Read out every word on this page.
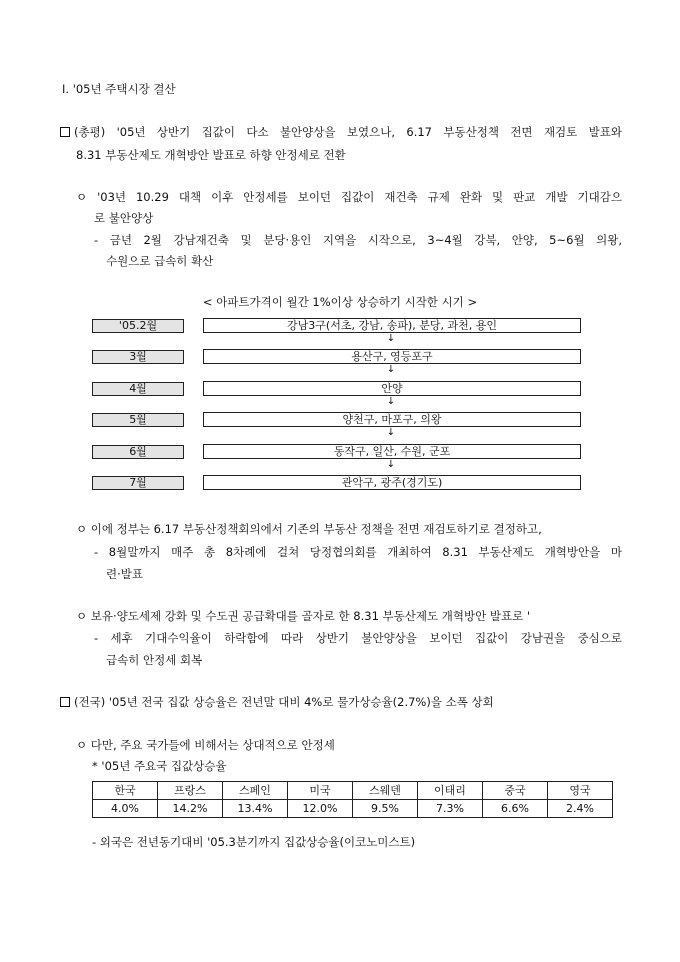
Ⅰ. '05년 주택시장 결산
(총평) '05년 상반기 집값이 다소 불안양상을 보였으나, 6.17 부동산정책 전면 재검토 발표와
8.31 부동산제도 개혁방안 발표로 하향 안정세로 전환
ㅇ '03년 10.29 대책 이후 안정세를 보이던 집값이 재건축 규제 완화 및 판교 개발 기대감으
로 불안양상
- 금년 2월 강남재건축 및 분당·용인 지역을 시작으로, 3~4월 강북, 안양, 5~6월 의왕,
수원으로 급속히 확산
< 아파트가격이 월간 1%이상 상승하기 시작한 시기 >
'05.2월	강남3구(서초, 강남, 송파), 분당, 과천, 용인
↓
3월	용산구, 영등포구
↓
4월	안양
↓
5월	양천구, 마포구, 의왕
↓
6월	동작구, 일산, 수원, 군포
↓
7월	관악구, 광주(경기도)
ㅇ 이에 정부는 6.17 부동산정책회의에서 기존의 부동산 정책을 전면 재검토하기로 결정하고,
- 8월말까지 매주 총 8차례에 걸쳐 당정협의회를 개최하여 8.31 부동산제도 개혁방안을 마
련·발표
ㅇ 보유·양도세제 강화 및 수도권 공급확대를 골자로 한 8.31 부동산제도 개혁방안 발표로 '
- 세후 기대수익율이 하락함에 따라 상반기 불안양상을 보이던 집값이 강남권을 중심으로
급속히 안정세 회복
(전국) '05년 전국 집값 상승율은 전년말 대비 4%로 물가상승율(2.7%)을 소폭 상회
ㅇ 다만, 주요 국가들에 비해서는 상대적으로 안정세
* '05년 주요국 집값상승율
한국	프랑스	스페인	미국	스웨덴	이태리	중국	영국
4.0%	14.2%	13.4%	12.0%	9.5%	7.3%	6.6%	2.4%
- 외국은 전년동기대비 '05.3분기까지 집값상승율(이코노미스트)
